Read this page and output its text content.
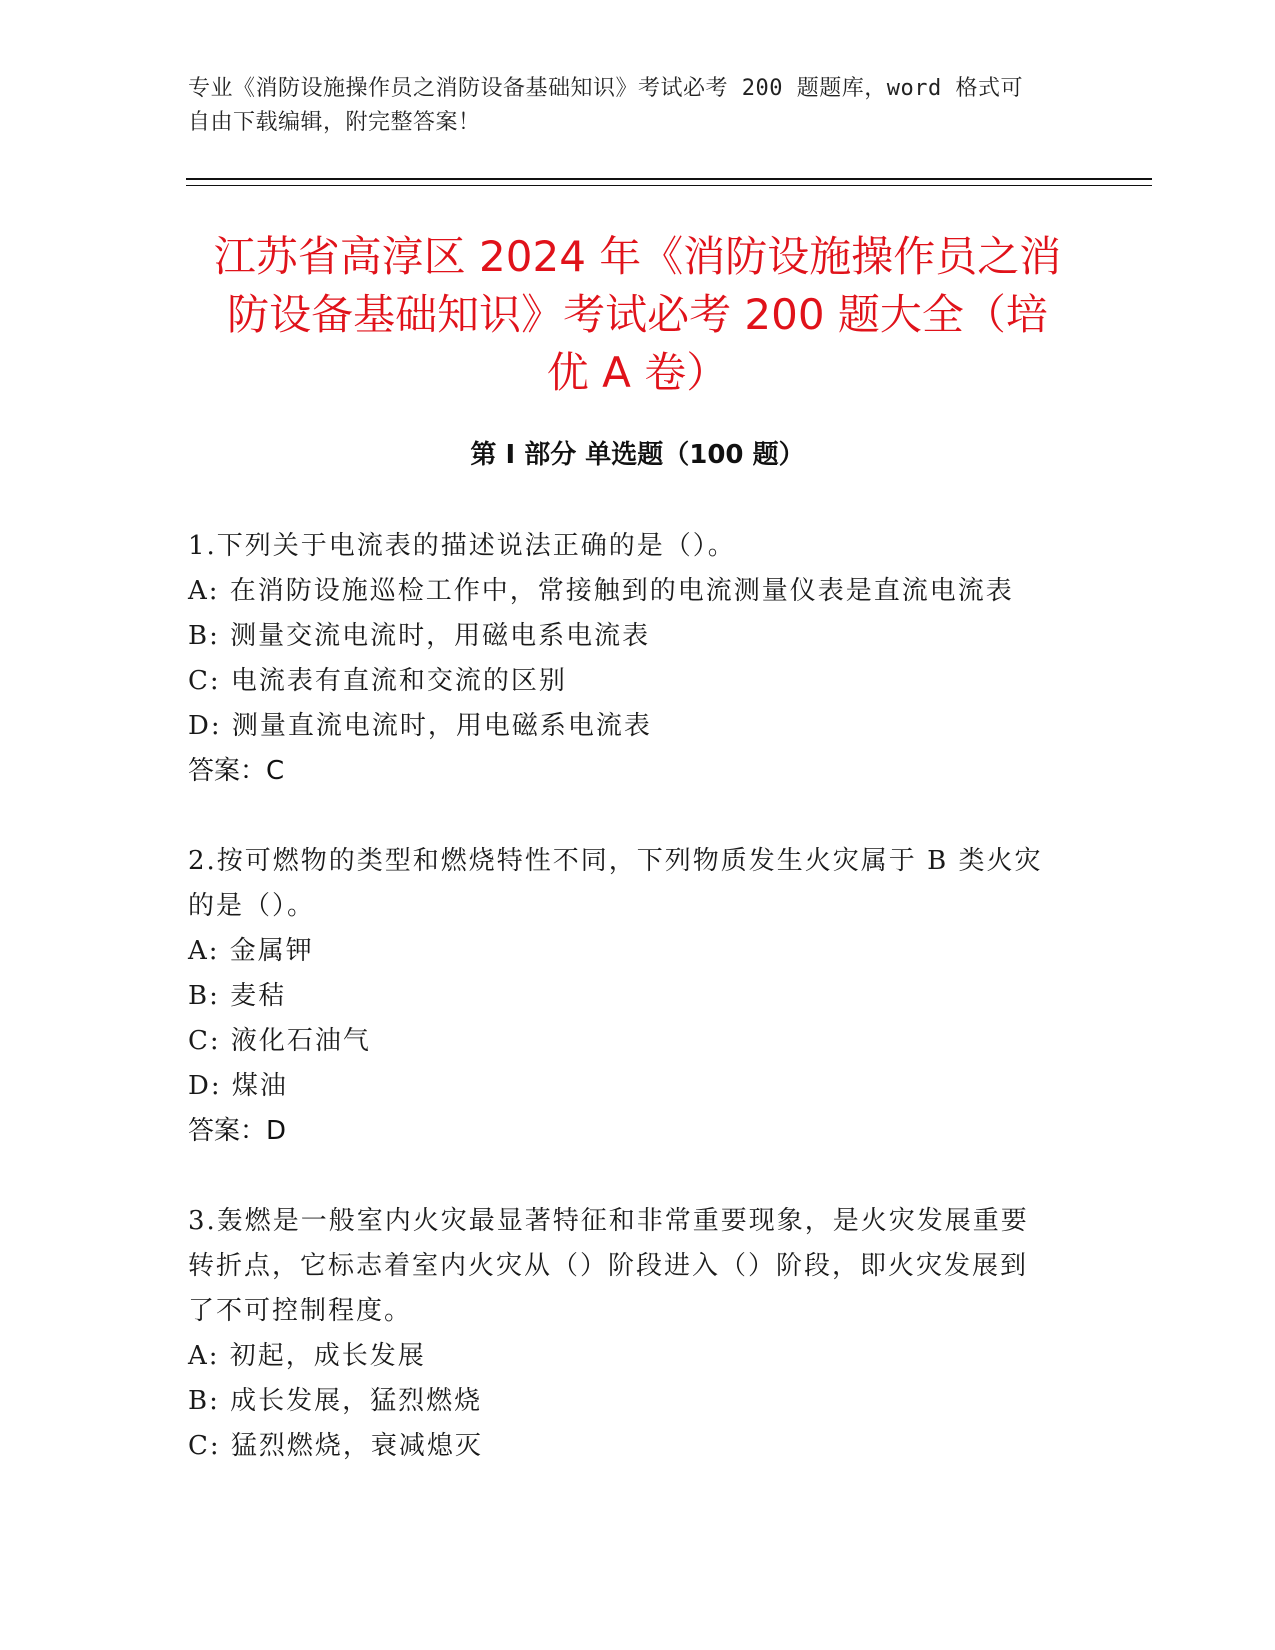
专业《消防设施操作员之消防设备基础知识》考试必考 200 题题库，word 格式可
自由下载编辑，附完整答案！
江苏省高淳区 2024 年《消防设施操作员之消
防设备基础知识》考试必考 200 题大全（培
优 A 卷）
第 I 部分 单选题（100 题）
1.下列关于电流表的描述说法正确的是（）。
A: 在消防设施巡检工作中，常接触到的电流测量仪表是直流电流表
B: 测量交流电流时，用磁电系电流表
C: 电流表有直流和交流的区别
D: 测量直流电流时，用电磁系电流表
答案：C
2.按可燃物的类型和燃烧特性不同，下列物质发生火灾属于 B 类火灾
的是（）。
A: 金属钾
B: 麦秸
C: 液化石油气
D: 煤油
答案：D
3.轰燃是一般室内火灾最显著特征和非常重要现象，是火灾发展重要
转折点，它标志着室内火灾从（）阶段进入（）阶段，即火灾发展到
了不可控制程度。
A: 初起，成长发展
B: 成长发展，猛烈燃烧
C: 猛烈燃烧，衰减熄灭
